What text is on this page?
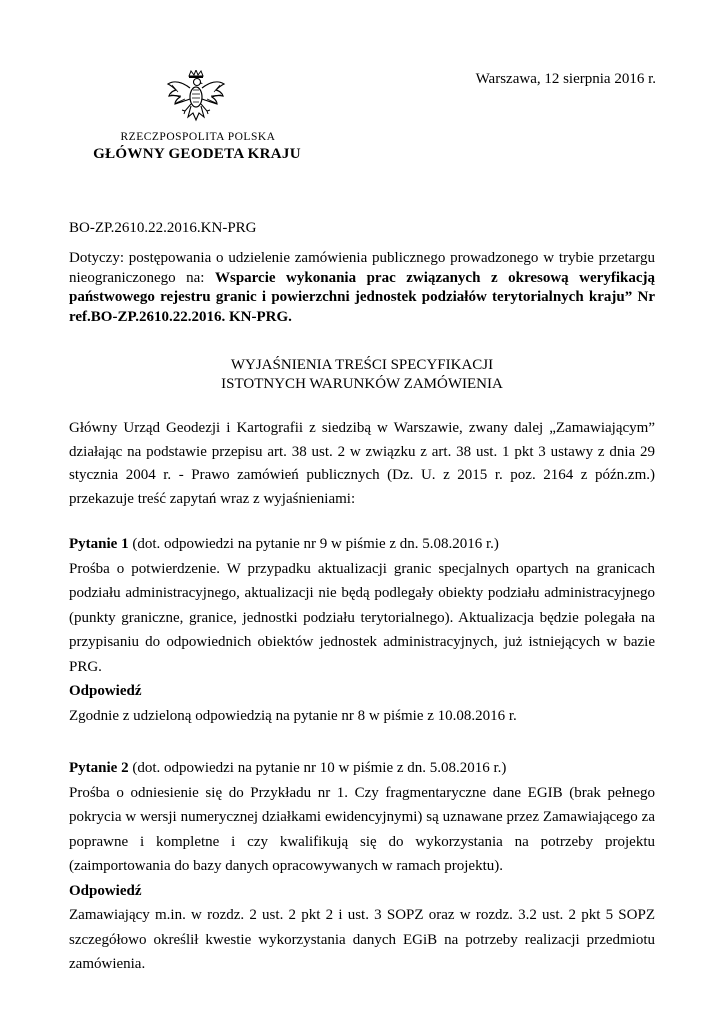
Warszawa, 12 sierpnia 2016 r.
RZECZPOSPOLITA POLSKA
GŁÓWNY GEODETA KRAJU
BO-ZP.2610.22.2016.KN-PRG

Dotyczy: postępowania o udzielenie zamówienia publicznego prowadzonego w trybie przetargu nieograniczonego na: Wsparcie wykonania prac związanych z okresową weryfikacją państwowego rejestru granic i powierzchni jednostek podziałów terytorialnych kraju” Nr ref.BO-ZP.2610.22.2016. KN-PRG.

WYJAŚNIENIA TREŚCI SPECYFIKACJI
ISTOTNYCH WARUNKÓW ZAMÓWIENIA

Główny Urząd Geodezji i Kartografii z siedzibą w Warszawie, zwany dalej „Zamawiającym” działając na podstawie przepisu art. 38 ust. 2 w związku z art. 38 ust. 1 pkt 3 ustawy z dnia 29 stycznia 2004 r. - Prawo zamówień publicznych (Dz. U. z 2015 r. poz. 2164 z późn.zm.) przekazuje treść zapytań wraz z wyjaśnieniami:

Pytanie 1 (dot. odpowiedzi na pytanie nr 9 w piśmie z dn. 5.08.2016 r.)

Prośba o potwierdzenie. W przypadku aktualizacji granic specjalnych opartych na granicach podziału administracyjnego, aktualizacji nie będą podlegały obiekty podziału administracyjnego (punkty graniczne, granice, jednostki podziału terytorialnego). Aktualizacja będzie polegała na przypisaniu do odpowiednich obiektów jednostek administracyjnych, już istniejących w bazie PRG.

Odpowiedź

Zgodnie z udzieloną odpowiedzią na pytanie nr 8 w piśmie z 10.08.2016 r.

Pytanie 2 (dot. odpowiedzi na pytanie nr 10 w piśmie z dn. 5.08.2016 r.)

Prośba o odniesienie się do Przykładu nr 1. Czy fragmentaryczne dane EGIB (brak pełnego pokrycia w wersji numerycznej działkami ewidencyjnymi) są uznawane przez Zamawiającego za poprawne i kompletne i czy kwalifikują się do wykorzystania na potrzeby projektu (zaimportowania do bazy danych opracowywanych w ramach projektu).

Odpowiedź

Zamawiający m.in. w rozdz. 2 ust. 2 pkt 2 i ust. 3 SOPZ oraz w rozdz. 3.2 ust. 2 pkt 5 SOPZ szczegółowo określił kwestie wykorzystania danych EGiB na potrzeby realizacji przedmiotu zamówienia.
